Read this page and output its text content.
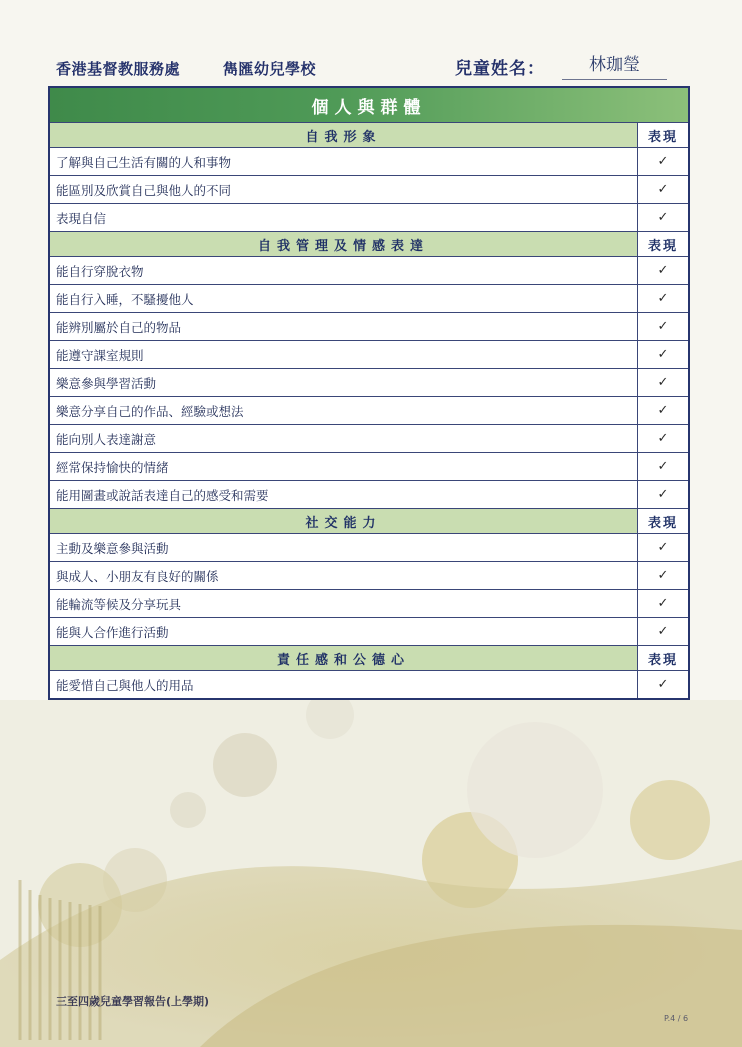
香港基督教服務處	雋匯幼兒學校	兒童姓名：	林珈瑩
個人與群體	
自我形象	表現
了解與自己生活有關的人和事物	✓
能區別及欣賞自己與他人的不同	✓
表現自信	✓
自我管理及情感表達	表現
能自行穿脫衣物	✓
能自行入睡，不騷擾他人	✓
能辨別屬於自己的物品	✓
能遵守課室規則	✓
樂意參與學習活動	✓
樂意分享自己的作品、經驗或想法	✓
能向別人表達謝意	✓
經常保持愉快的情緒	✓
能用圖畫或說話表達自己的感受和需要	✓
社交能力	表現
主動及樂意參與活動	✓
與成人、小朋友有良好的關係	✓
能輪流等候及分享玩具	✓
能與人合作進行活動	✓
責任感和公德心	表現
能愛惜自己與他人的用品	✓
三至四歲兒童學習報告(上學期)
P.4 / 6
